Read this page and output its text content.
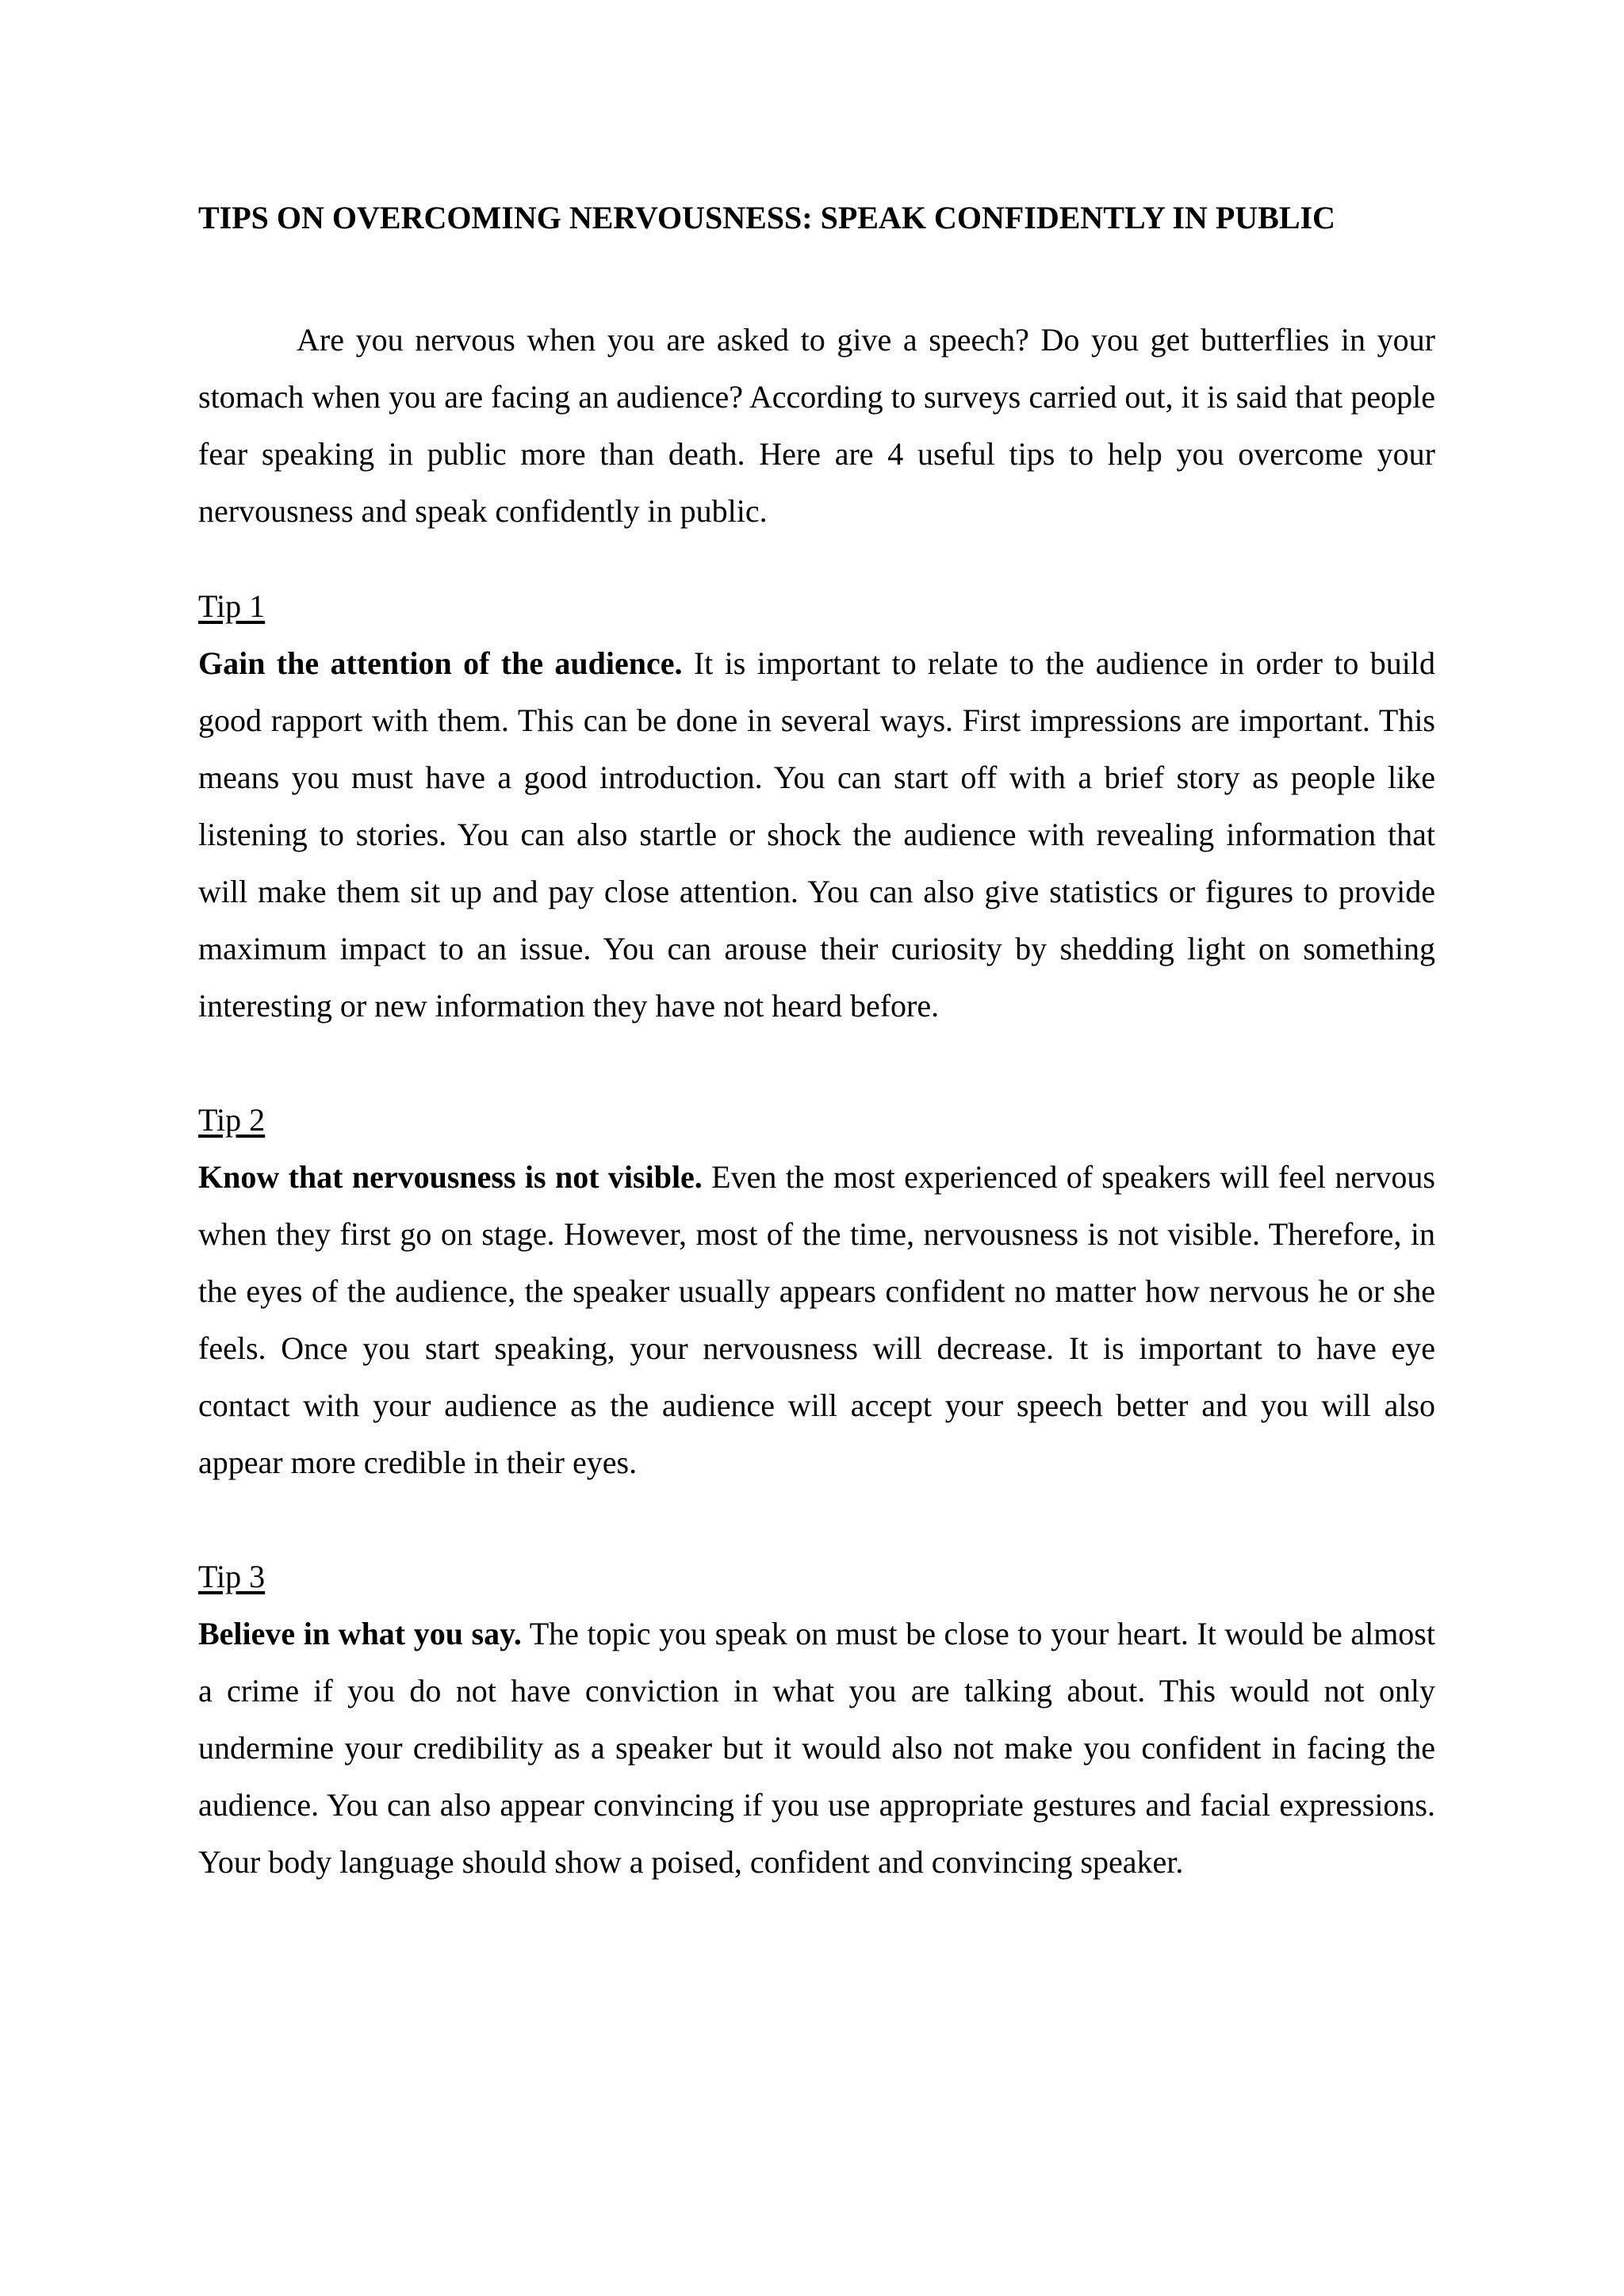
TIPS ON OVERCOMING NERVOUSNESS: SPEAK CONFIDENTLY IN PUBLIC

Are you nervous when you are asked to give a speech? Do you get butterflies in your stomach when you are facing an audience? According to surveys carried out, it is said that people fear speaking in public more than death. Here are 4 useful tips to help you overcome your nervousness and speak confidently in public.

Tip 1

Gain the attention of the audience. It is important to relate to the audience in order to build good rapport with them. This can be done in several ways. First impressions are important. This means you must have a good introduction. You can start off with a brief story as people like listening to stories. You can also startle or shock the audience with revealing information that will make them sit up and pay close attention. You can also give statistics or figures to provide maximum impact to an issue. You can arouse their curiosity by shedding light on something interesting or new information they have not heard before.

Tip 2

Know that nervousness is not visible. Even the most experienced of speakers will feel nervous when they first go on stage. However, most of the time, nervousness is not visible. Therefore, in the eyes of the audience, the speaker usually appears confident no matter how nervous he or she feels. Once you start speaking, your nervousness will decrease. It is important to have eye contact with your audience as the audience will accept your speech better and you will also appear more credible in their eyes.

Tip 3

Believe in what you say. The topic you speak on must be close to your heart. It would be almost a crime if you do not have conviction in what you are talking about. This would not only undermine your credibility as a speaker but it would also not make you confident in facing the audience. You can also appear convincing if you use appropriate gestures and facial expressions. Your body language should show a poised, confident and convincing speaker.
